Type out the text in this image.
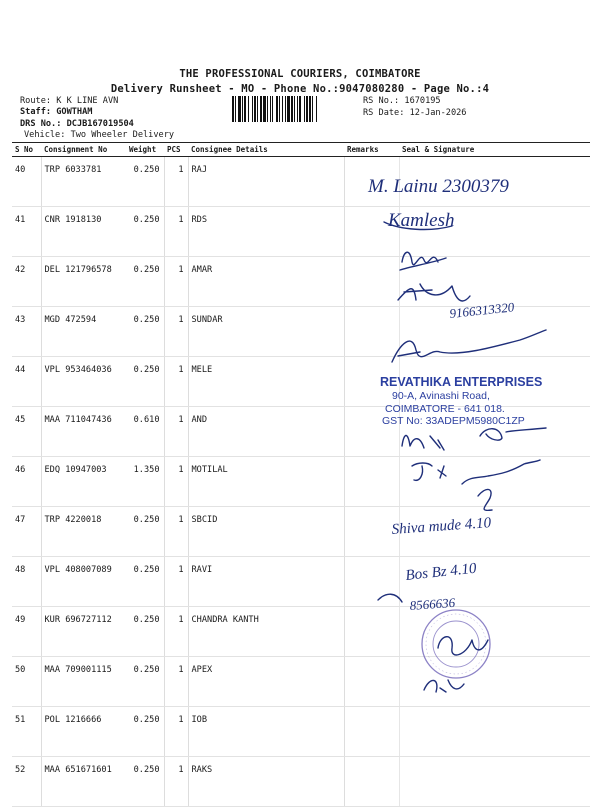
THE PROFESSIONAL COURIERS, COIMBATORE
Delivery Runsheet - MO - Phone No.:9047080280 - Page No.:4
Route: K K LINE AVN
Staff: GOWTHAM
DRS No.: DCJB167019504
Vehicle: Two Wheeler Delivery
RS No.: 1670195
RS Date: 12-Jan-2026
S No	Consignment No	Weight	PCS	Consignee Details	Remarks	Seal & Signature
40	TRP 6033781	0.250	1	RAJ		
41	CNR 1918130	0.250	1	RDS		
42	DEL 121796578	0.250	1	AMAR		
43	MGD 472594	0.250	1	SUNDAR		
44	VPL 953464036	0.250	1	MELE		
45	MAA 711047436	0.610	1	AND		
46	EDQ 10947003	1.350	1	MOTILAL		
47	TRP 4220018	0.250	1	SBCID		
48	VPL 408007089	0.250	1	RAVI		
49	KUR 696727112	0.250	1	CHANDRA KANTH		
50	MAA 709001115	0.250	1	APEX		
51	POL 1216666	0.250	1	IOB		
52	MAA 651671601	0.250	1	RAKS		
M. Lainu 2300379
Kamlesh
9166313320
REVATHIKA ENTERPRISES
90-A, Avinashi Road,
COIMBATORE - 641 018.
GST No: 33ADEPM5980C1ZP
Shiva mude 4.10
Bos Bz 4.10
8566636
